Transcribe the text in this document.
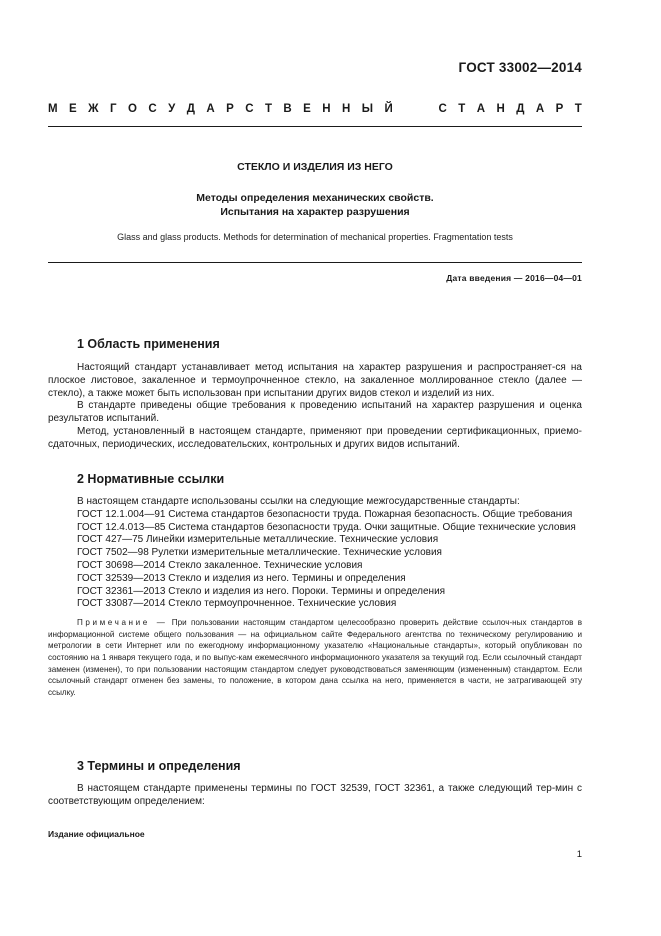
ГОСТ 33002—2014
М Е Ж Г О С У Д А Р С Т В Е Н Н Ы Й	С Т А Н Д А Р Т
СТЕКЛО И ИЗДЕЛИЯ ИЗ НЕГО
Методы определения механических свойств.
Испытания на характер разрушения
Glass and glass products. Methods for determination of mechanical properties. Fragmentation tests
Дата введения — 2016—04—01
1 Область применения

Настоящий стандарт устанавливает метод испытания на характер разрушения и распространяет-ся на плоское листовое, закаленное и термоупрочненное стекло, на закаленное моллированное стекло (далее — стекло), а также может быть использован при испытании других видов стекол и изделий из них.

В стандарте приведены общие требования к проведению испытаний на характер разрушения и оценка результатов испытаний.

Метод, установленный в настоящем стандарте, применяют при проведении сертификационных, приемо-сдаточных, периодических, исследовательских, контрольных и других видов испытаний.

2 Нормативные ссылки

В настоящем стандарте использованы ссылки на следующие межгосударственные стандарты:

ГОСТ 12.1.004—91 Система стандартов безопасности труда. Пожарная безопасность. Общие требования

ГОСТ 12.4.013—85 Система стандартов безопасности труда. Очки защитные. Общие технические условия

ГОСТ 427—75 Линейки измерительные металлические. Технические условия

ГОСТ 7502—98 Рулетки измерительные металлические. Технические условия

ГОСТ 30698—2014 Стекло закаленное. Технические условия

ГОСТ 32539—2013 Стекло и изделия из него. Термины и определения

ГОСТ 32361—2013 Стекло и изделия из него. Пороки. Термины и определения

ГОСТ 33087—2014 Стекло термоупрочненное. Технические условия

Примечание — При пользовании настоящим стандартом целесообразно проверить действие ссылоч-ных стандартов в информационной системе общего пользования — на официальном сайте Федерального агентства по техническому регулированию и метрологии в сети Интернет или по ежегодному информационному указателю «Национальные стандарты», который опубликован по состоянию на 1 января текущего года, и по выпус-кам ежемесячного информационного указателя за текущий год. Если ссылочный стандарт заменен (изменен), то при пользовании настоящим стандартом следует руководствоваться заменяющим (измененным) стандартом. Если ссылочный стандарт отменен без замены, то положение, в котором дана ссылка на него, применяется в части, не затрагивающей эту ссылку.

3 Термины и определения

В настоящем стандарте применены термины по ГОСТ 32539, ГОСТ 32361, а также следующий тер-мин с соответствующим определением:

Издание официальное
1
